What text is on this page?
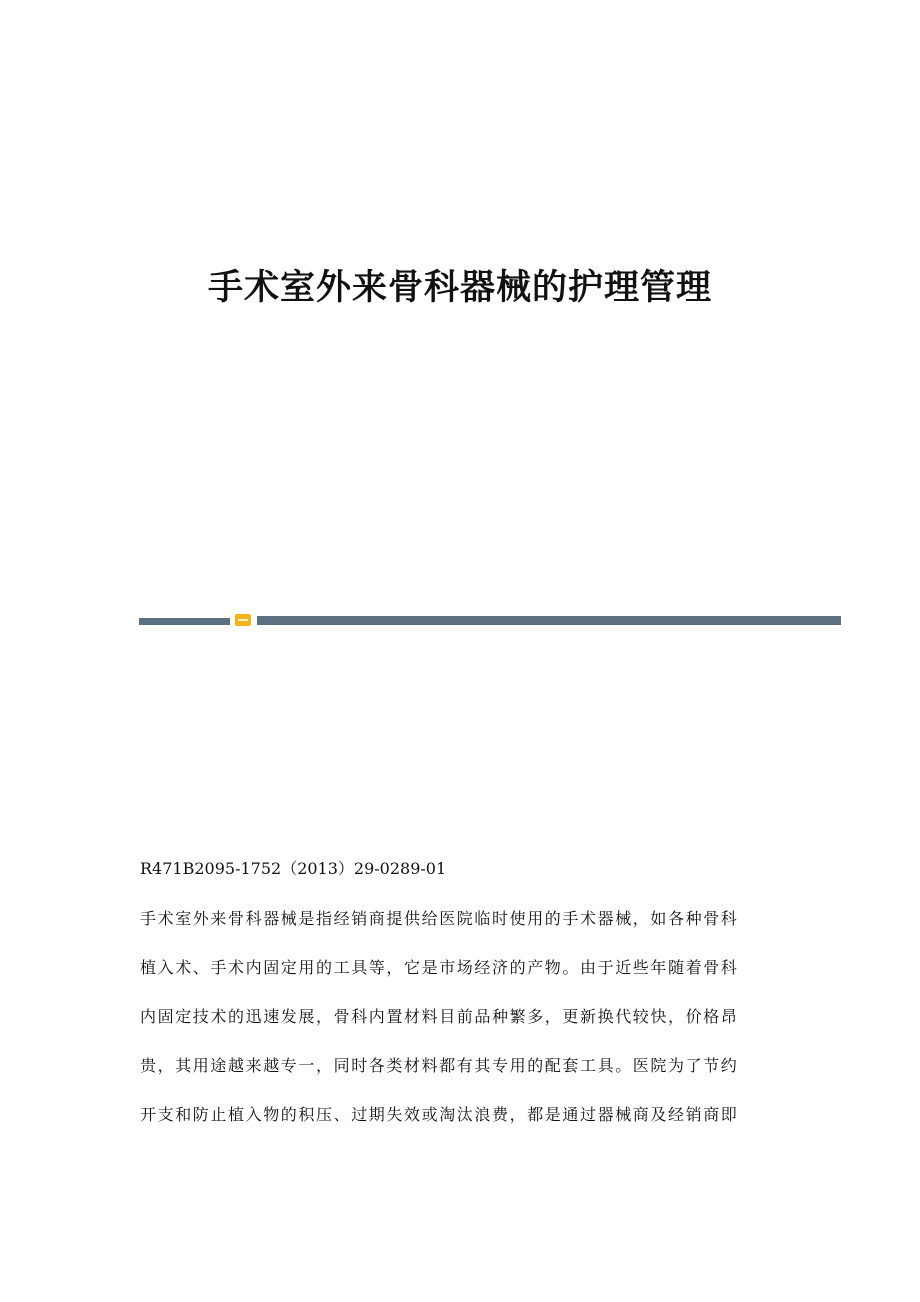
手术室外来骨科器械的护理管理

R471B2095-1752（2013）29-0289-01

手术室外来骨科器械是指经销商提供给医院临时使用的手术器械，如各种骨科
植入术、手术内固定用的工具等，它是市场经济的产物。由于近些年随着骨科
内固定技术的迅速发展，骨科内置材料目前品种繁多，更新换代较快，价格昂
贵，其用途越来越专一，同时各类材料都有其专用的配套工具。医院为了节约
开支和防止植入物的积压、过期失效或淘汰浪费，都是通过器械商及经销商即
